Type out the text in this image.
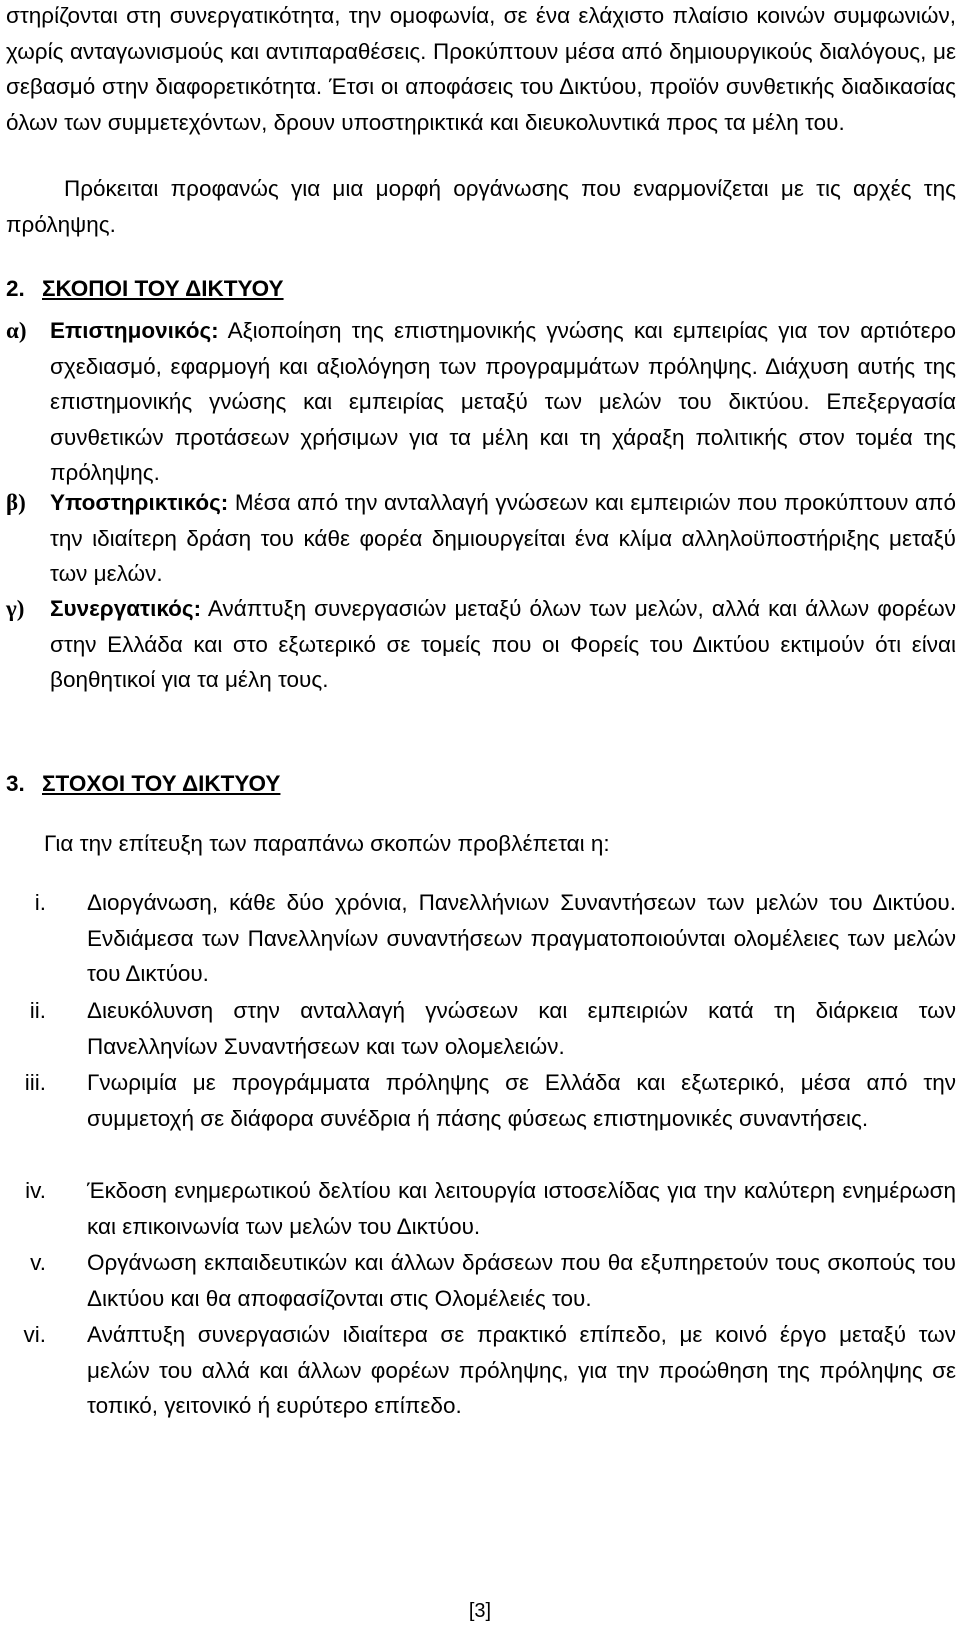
στηρίζονται στη συνεργατικότητα, την ομοφωνία, σε ένα ελάχιστο πλαίσιο κοινών συμφωνιών, χωρίς ανταγωνισμούς και αντιπαραθέσεις. Προκύπτουν μέσα από δημιουργικούς διαλόγους, με σεβασμό στην διαφορετικότητα. Έτσι οι αποφάσεις του Δικτύου, προϊόν συνθετικής διαδικασίας όλων των συμμετεχόντων, δρουν υποστηρικτικά και διευκολυντικά προς τα μέλη του.
Πρόκειται προφανώς για μια μορφή οργάνωσης που εναρμονίζεται με τις αρχές της πρόληψης.
2. ΣΚΟΠΟΙ ΤΟΥ ΔΙΚΤΥΟΥ
α) Επιστημονικός: Αξιοποίηση της επιστημονικής γνώσης και εμπειρίας για τον αρτιότερο σχεδιασμό, εφαρμογή και αξιολόγηση των προγραμμάτων πρόληψης. Διάχυση αυτής της επιστημονικής γνώσης και εμπειρίας μεταξύ των μελών του δικτύου. Επεξεργασία συνθετικών προτάσεων χρήσιμων για τα μέλη και τη χάραξη πολιτικής στον τομέα της πρόληψης.
β) Υποστηρικτικός: Μέσα από την ανταλλαγή γνώσεων και εμπειριών που προκύπτουν από την ιδιαίτερη δράση του κάθε φορέα δημιουργείται ένα κλίμα αλληλοϋποστήριξης μεταξύ των μελών.
γ) Συνεργατικός: Ανάπτυξη συνεργασιών μεταξύ όλων των μελών, αλλά και άλλων φορέων στην Ελλάδα και στο εξωτερικό σε τομείς που οι Φορείς του Δικτύου εκτιμούν ότι είναι βοηθητικοί για τα μέλη τους.
3. ΣΤΟΧΟΙ ΤΟΥ ΔΙΚΤΥΟΥ
Για την επίτευξη των παραπάνω σκοπών προβλέπεται η:
i. Διοργάνωση, κάθε δύο χρόνια, Πανελλήνιων Συναντήσεων των μελών του Δικτύου. Ενδιάμεσα των Πανελληνίων συναντήσεων πραγματοποιούνται ολομέλειες των μελών του Δικτύου.
ii. Διευκόλυνση στην ανταλλαγή γνώσεων και εμπειριών κατά τη διάρκεια των Πανελληνίων Συναντήσεων και των ολομελειών.
iii. Γνωριμία με προγράμματα πρόληψης σε Ελλάδα και εξωτερικό, μέσα από την συμμετοχή σε διάφορα συνέδρια ή πάσης φύσεως επιστημονικές συναντήσεις.
iv. Έκδοση ενημερωτικού δελτίου και λειτουργία ιστοσελίδας για την καλύτερη ενημέρωση και επικοινωνία των μελών του Δικτύου.
v. Οργάνωση εκπαιδευτικών και άλλων δράσεων που θα εξυπηρετούν τους σκοπούς του Δικτύου και θα αποφασίζονται στις Ολομέλειές του.
vi. Ανάπτυξη συνεργασιών ιδιαίτερα σε πρακτικό επίπεδο, με κοινό έργο μεταξύ των μελών του αλλά και άλλων φορέων πρόληψης, για την προώθηση της πρόληψης σε τοπικό, γειτονικό ή ευρύτερο επίπεδο.
[3]
